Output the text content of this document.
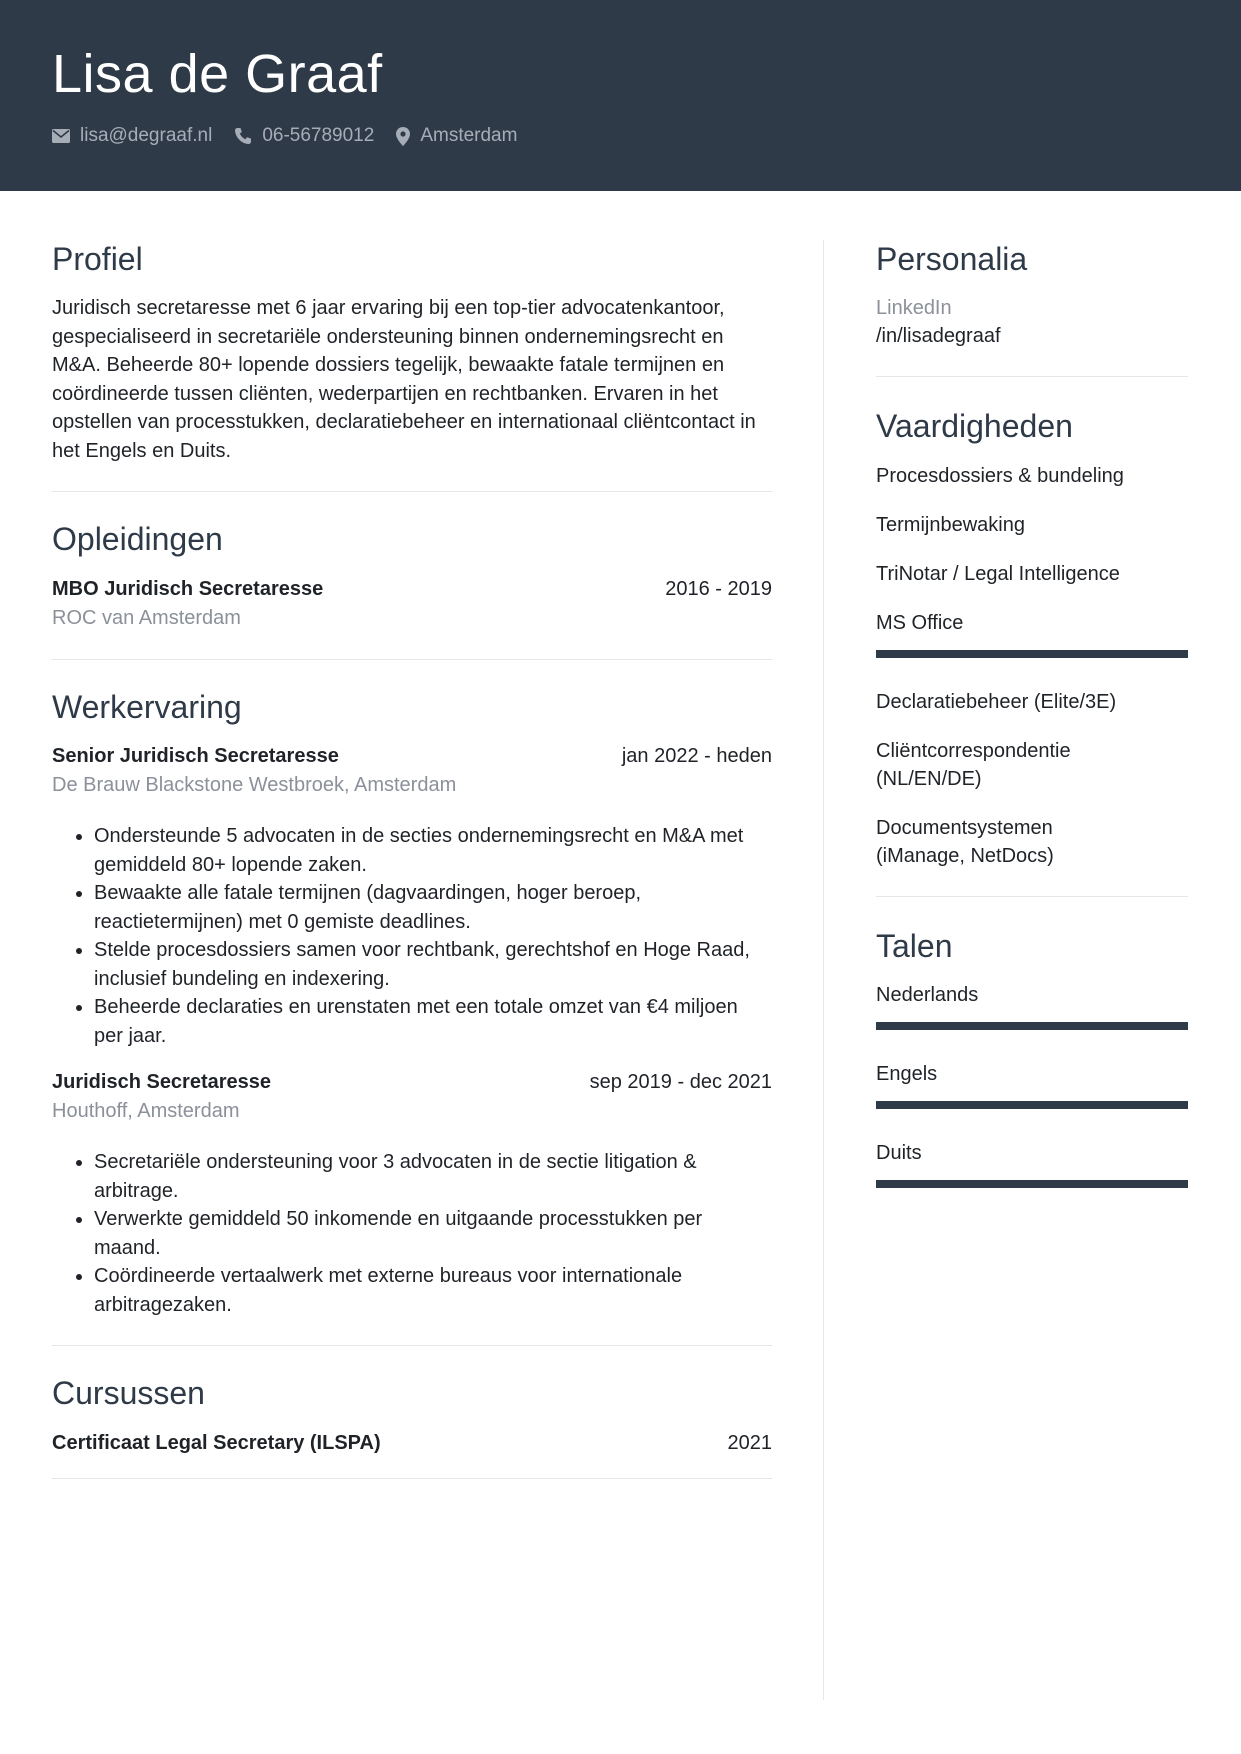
Lisa de Graaf
lisa@degraaf.nl	06-56789012 Amsterdam
Profiel

Juridisch secretaresse met 6 jaar ervaring bij een top-tier advocatenkantoor, gespecialiseerd in secretariële ondersteuning binnen ondernemingsrecht en M&A. Beheerde 80+ lopende dossiers tegelijk, bewaakte fatale termijnen en coördineerde tussen cliënten, wederpartijen en rechtbanken. Ervaren in het opstellen van processtukken, declaratiebeheer en internationaal cliëntcontact in het Engels en Duits.

Opleidingen
MBO Juridisch Secretaresse	2016 - 2019
ROC van Amsterdam
Werkervaring
Senior Juridisch Secretaresse	jan 2022 - heden
De Brauw Blackstone Westbroek, Amsterdam
• Ondersteunde 5 advocaten in de secties ondernemingsrecht en M&A met gemiddeld 80+ lopende zaken.
• Bewaakte alle fatale termijnen (dagvaardingen, hoger beroep, reactietermijnen) met 0 gemiste deadlines.
• Stelde procesdossiers samen voor rechtbank, gerechtshof en Hoge Raad, inclusief bundeling en indexering.
• Beheerde declaraties en urenstaten met een totale omzet van €4 miljoen per jaar.
Juridisch Secretaresse	sep 2019 - dec 2021
Houthoff, Amsterdam
• Secretariële ondersteuning voor 3 advocaten in de sectie litigation & arbitrage.
• Verwerkte gemiddeld 50 inkomende en uitgaande processtukken per maand.
• Coördineerde vertaalwerk met externe bureaus voor internationale arbitragezaken.
Cursussen
Certificaat Legal Secretary (ILSPA)	2021
Personalia
LinkedIn
/in/lisadegraaf
Vaardigheden
Procesdossiers & bundeling
Termijnbewaking
TriNotar / Legal Intelligence
MS Office
Declaratiebeheer (Elite/3E)
Cliëntcorrespondentie (NL/EN/DE)
Documentsystemen (iManage, NetDocs)
Talen
Nederlands
Engels
Duits
